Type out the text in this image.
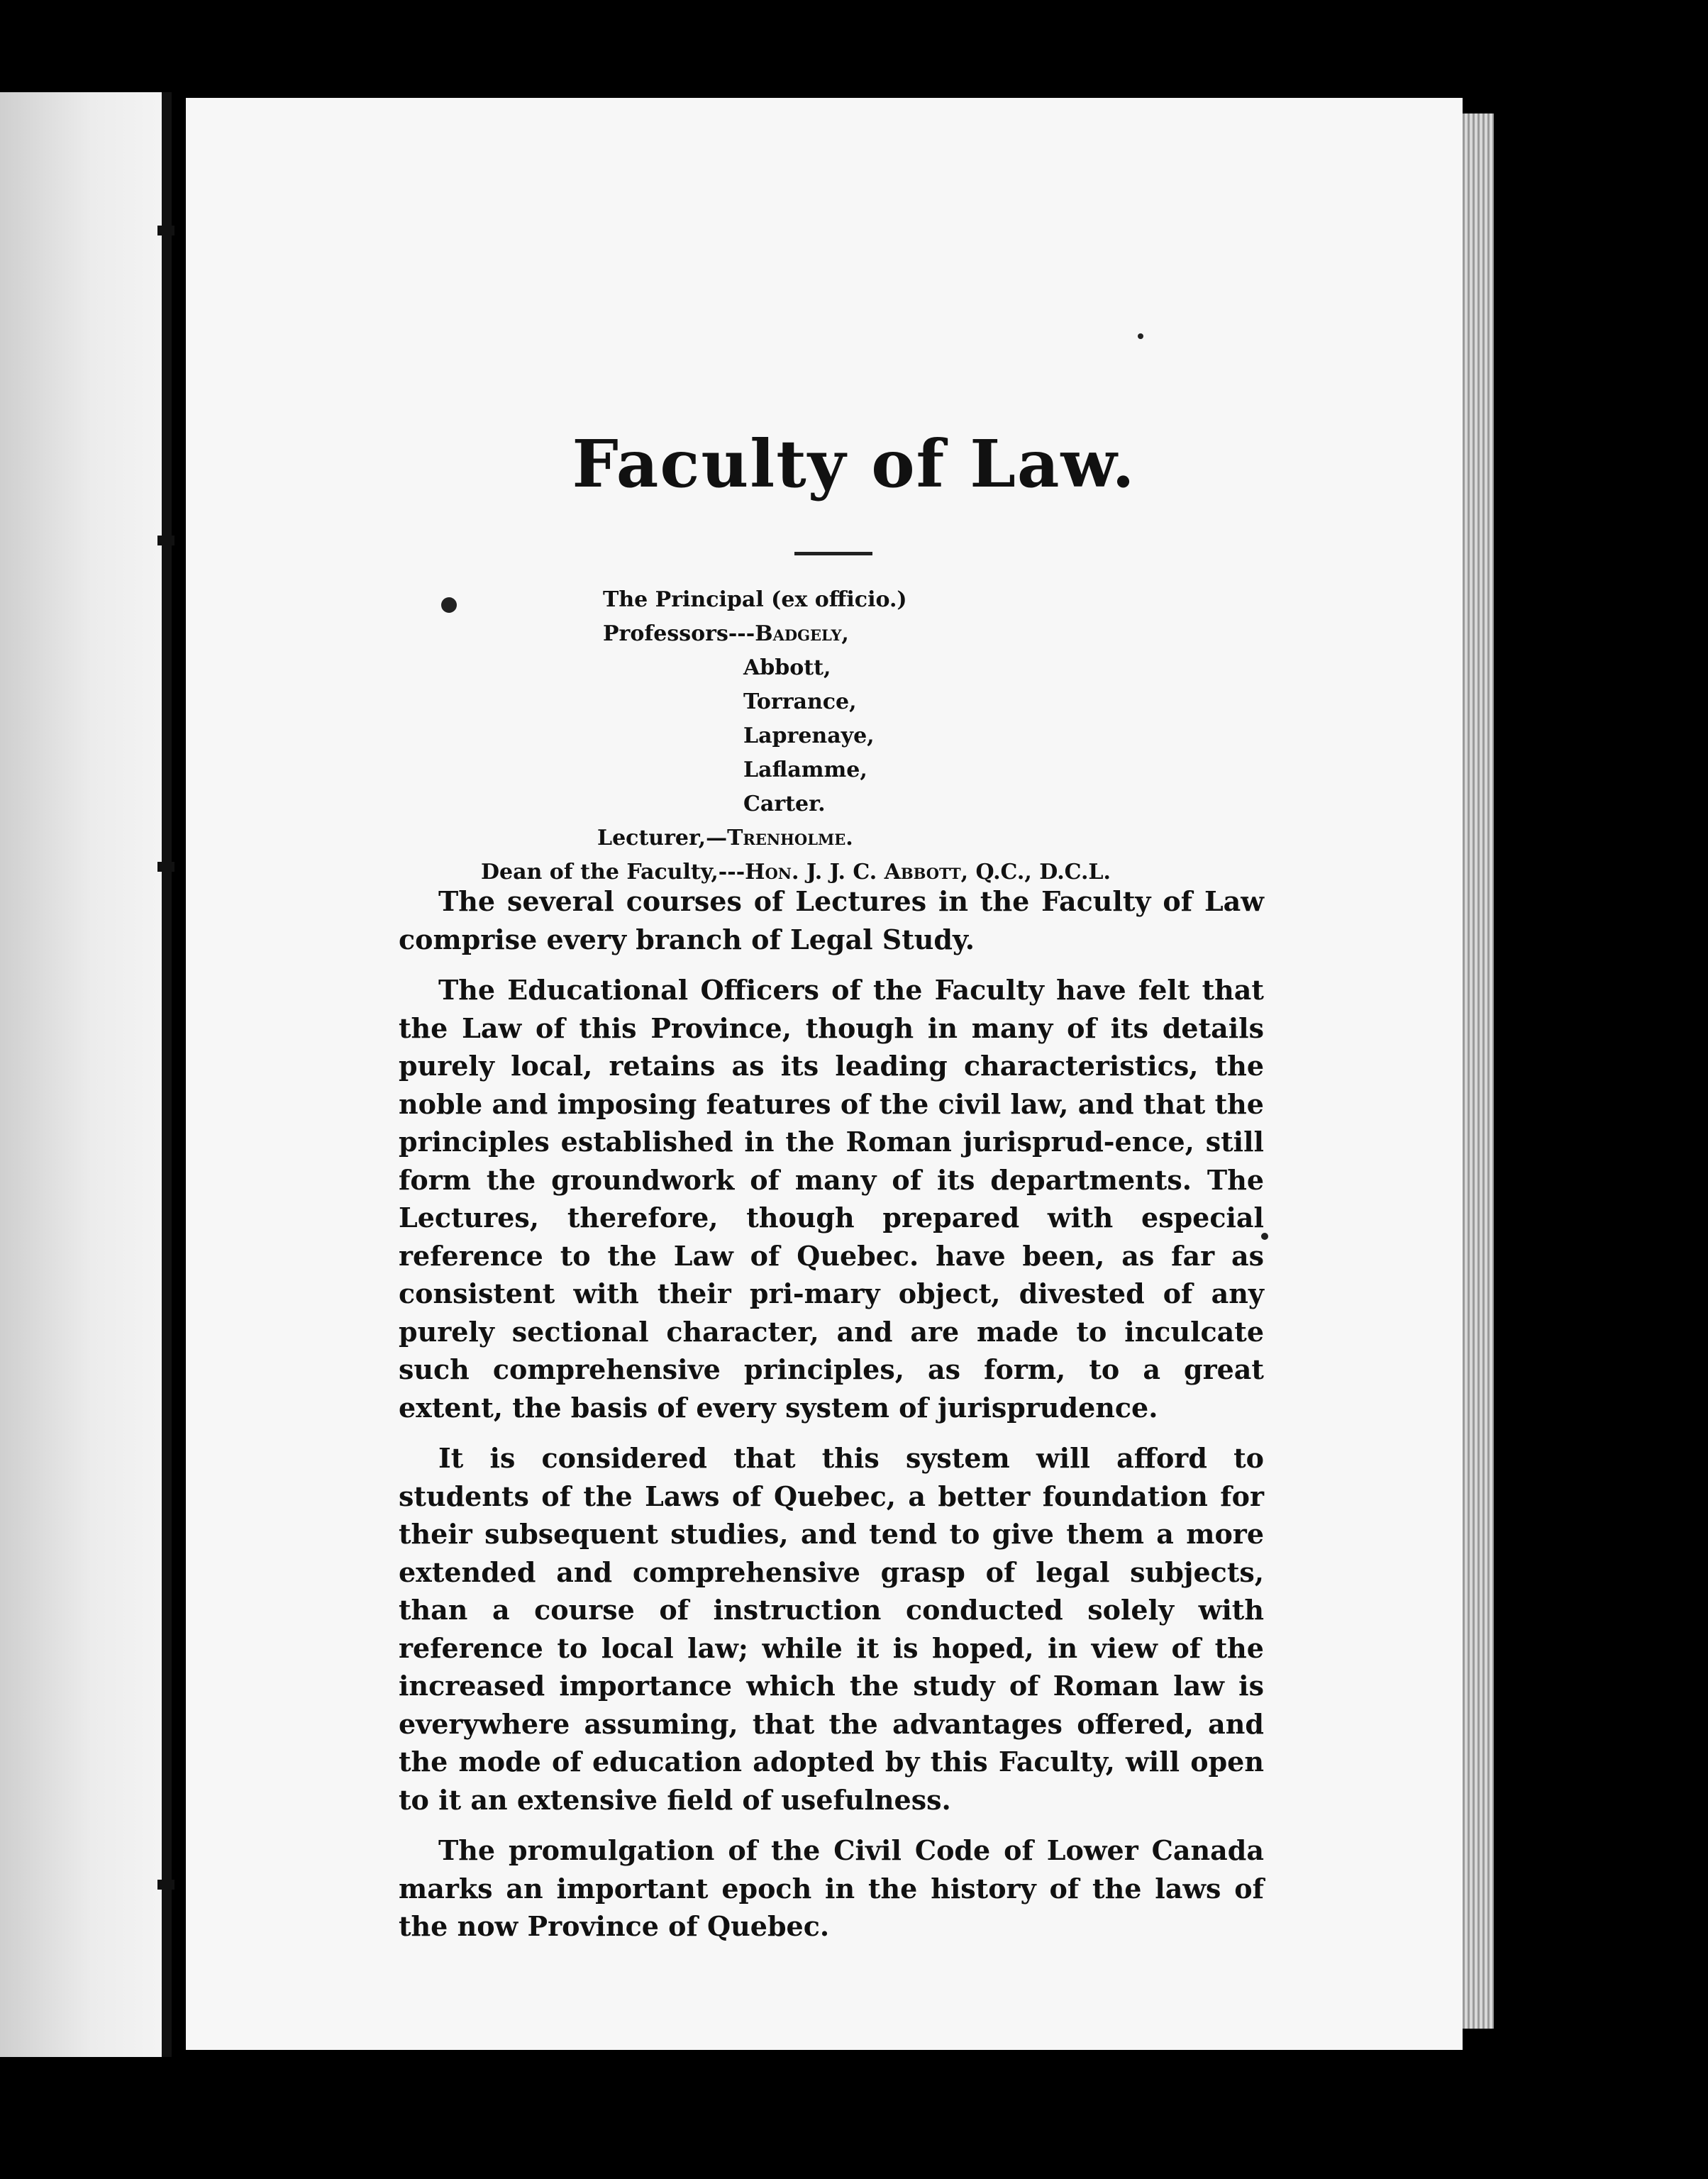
Faculty of Law.
The Principal (ex officio.)
Professors---Badgely,
Abbott,
Torrance,
Laprenaye,
Laflamme,
Carter.
Lecturer,—Trenholme.
Dean of the Faculty,---Hon. J. J. C. Abbott, Q.C., D.C.L.

The several courses of Lectures in the Faculty of Law comprise every branch of Legal Study.

The Educational Officers of the Faculty have felt that the Law of this Province, though in many of its details purely local, retains as its leading characteristics, the noble and imposing features of the civil law, and that the principles established in the Roman jurisprud-ence, still form the groundwork of many of its departments. The Lectures, therefore, though prepared with especial reference to the Law of Quebec. have been, as far as consistent with their pri-mary object, divested of any purely sectional character, and are made to inculcate such comprehensive principles, as form, to a great extent, the basis of every system of jurisprudence.

It is considered that this system will afford to students of the Laws of Quebec, a better foundation for their subsequent studies, and tend to give them a more extended and comprehensive grasp of legal subjects, than a course of instruction conducted solely with reference to local law; while it is hoped, in view of the increased importance which the study of Roman law is everywhere assuming, that the advantages offered, and the mode of education adopted by this Faculty, will open to it an extensive field of usefulness.

The promulgation of the Civil Code of Lower Canada marks an important epoch in the history of the laws of the now Province of Quebec.
